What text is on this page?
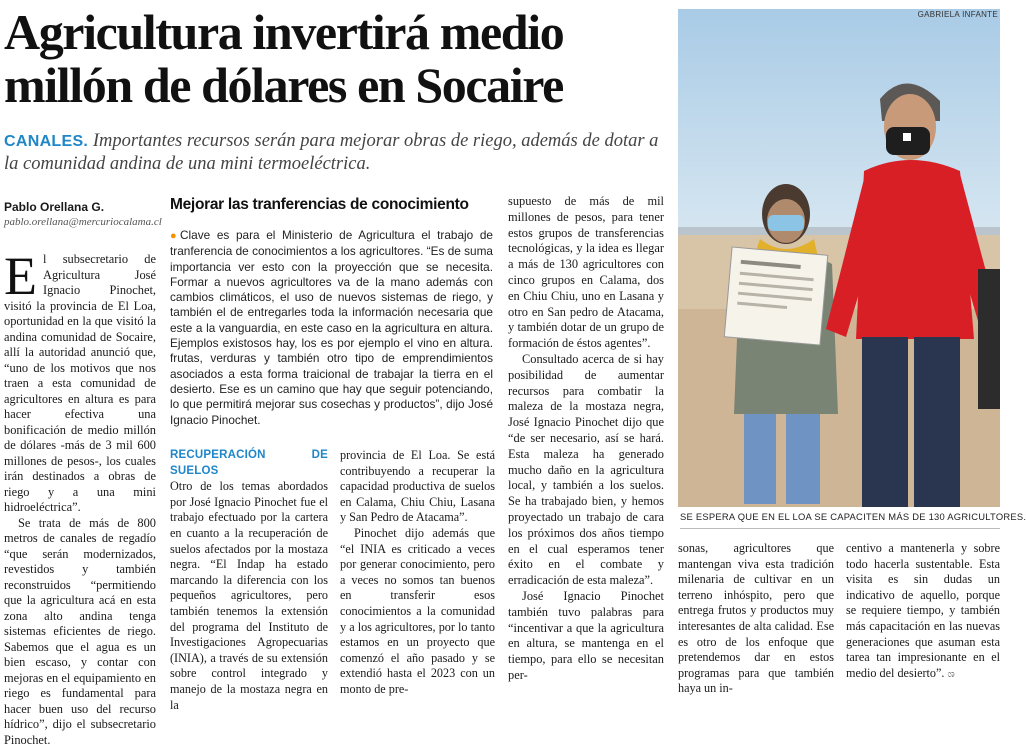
Agricultura invertirá medio
millón de dólares en Socaire
CANALES. Importantes recursos serán para mejorar obras de riego, además de dotar a la comunidad andina de una mini termoeléctrica.
Pablo Orellana G.
pablo.orellana@mercuriocalama.cl
E l subsecretario de Agricultura José Ignacio Pinochet, visitó la provincia de El Loa, oportunidad en la que visitó la andina comunidad de Socaire, allí la autoridad anunció que, “uno de los motivos que nos traen a esta comunidad de agricultores en altura es para hacer efectiva una bonificación de medio millón de dólares -más de 3 mil 600 millones de pesos-, los cuales irán destinados a obras de riego y a una mini hidroeléctrica”.

Se trata de más de 800 metros de canales de regadío “que serán modernizados, revestidos y también reconstruidos “permitiendo que la agricultura acá en esta zona alto andina tenga sistemas eficientes de riego. Sabemos que el agua es un bien escaso, y contar con mejoras en el equipamiento en riego es fundamental para hacer buen uso del recurso hídrico”, dijo el subsecretario Pinochet.

Mejorar las tranferencias de conocimiento
●Clave es para el Ministerio de Agricultura el trabajo de tranferencia de conocimientos a los agricultores. “Es de suma importancia ver esto con la proyección que se necesita. Formar a nuevos agricultores va de la mano además con cambios climáticos, el uso de nuevos sistemas de riego, y también el de entregarles toda la información necesaria que este a la vanguardia, en este caso en la agricultura en altura. Ejemplos existosos hay, los es por ejemplo el vino en altura. frutas, verduras y también otro tipo de emprendimientos asociados a esta forma traicional de trabajar la tierra en el desierto. Ese es un camino que hay que seguir potenciando, lo que permitirá mejorar sus cosechas y productos”, dijo José Ignacio Pinochet.

RECUPERACIÓN DE SUELOS

Otro de los temas abordados por José Ignacio Pinochet fue el trabajo efectuado por la cartera en cuanto a la recuperación de suelos afectados por la mostaza negra. “El Indap ha estado marcando la diferencia con los pequeños agricultores, pero también tenemos la extensión del programa del Instituto de Investigaciones Agropecuarias (INIA), a través de su extensión sobre control integrado y manejo de la mostaza negra en la

provincia de El Loa. Se está contribuyendo a recuperar la capacidad productiva de suelos en Calama, Chiu Chiu, Lasana y San Pedro de Atacama”.

Pinochet dijo además que “el INIA es criticado a veces por generar conocimiento, pero a veces no somos tan buenos en transferir esos conocimientos a la comunidad y a los agricultores, por lo tanto estamos en un proyecto que comenzó el año pasado y se extendió hasta el 2023 con un monto de pre-

supuesto de más de mil millones de pesos, para tener estos grupos de transferencias tecnológicas, y la idea es llegar a más de 130 agricultores con cinco grupos en Calama, dos en Chiu Chiu, uno en Lasana y otro en San pedro de Atacama, y también dotar de un grupo de formación de éstos agentes”.

Consultado acerca de si hay posibilidad de aumentar recursos para combatir la maleza de la mostaza negra, José Ignacio Pinochet dijo que “de ser necesario, así se hará. Esta maleza ha generado mucho daño en la agricultura local, y también a los suelos. Se ha trabajado bien, y hemos proyectado un trabajo de cara los próximos dos años tiempo en el cual esperamos tener éxito en el combate y erradicación de esta maleza”.

José Ignacio Pinochet también tuvo palabras para “incentivar a que la agricultura en altura, se mantenga en el tiempo, para ello se necesitan per-

GABRIELA INFANTE
SE ESPERA QUE EN EL LOA SE CAPACITEN MÁS DE 130 AGRICULTORES.

sonas, agricultores que mantengan viva esta tradición milenaria de cultivar en un terreno inhóspito, pero que entrega frutos y productos muy interesantes de alta calidad. Ese es otro de los enfoque que pretendemos dar en estos programas para que también haya un in-

centivo a mantenerla y sobre todo hacerla sustentable. Esta visita es sin dudas un indicativo de aquello, porque se requiere tiempo, y también más capacitación en las nuevas generaciones que asuman esta tarea tan impresionante en el medio del desierto”. ශ
